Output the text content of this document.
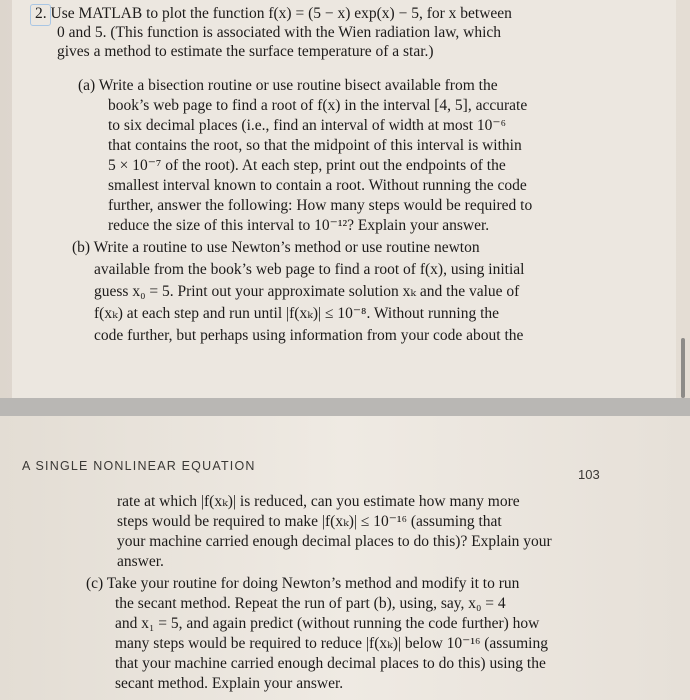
2. Use MATLAB to plot the function f(x) = (5 − x) exp(x) − 5, for x between
0 and 5. (This function is associated with the Wien radiation law, which
gives a method to estimate the surface temperature of a star.)
(a) Write a bisection routine or use routine bisect available from the
book’s web page to find a root of f(x) in the interval [4, 5], accurate
to six decimal places (i.e., find an interval of width at most 10⁻⁶
that contains the root, so that the midpoint of this interval is within
5 × 10⁻⁷ of the root). At each step, print out the endpoints of the
smallest interval known to contain a root. Without running the code
further, answer the following: How many steps would be required to
reduce the size of this interval to 10⁻¹²? Explain your answer.
(b) Write a routine to use Newton’s method or use routine newton
available from the book’s web page to find a root of f(x), using initial
guess x₀ = 5. Print out your approximate solution xₖ and the value of
f(xₖ) at each step and run until |f(xₖ)| ≤ 10⁻⁸. Without running the
code further, but perhaps using information from your code about the
A SINGLE NONLINEAR EQUATION
103
rate at which |f(xₖ)| is reduced, can you estimate how many more
steps would be required to make |f(xₖ)| ≤ 10⁻¹⁶ (assuming that
your machine carried enough decimal places to do this)? Explain your
answer.
(c) Take your routine for doing Newton’s method and modify it to run
the secant method. Repeat the run of part (b), using, say, x₀ = 4
and x₁ = 5, and again predict (without running the code further) how
many steps would be required to reduce |f(xₖ)| below 10⁻¹⁶ (assuming
that your machine carried enough decimal places to do this) using the
secant method. Explain your answer.
